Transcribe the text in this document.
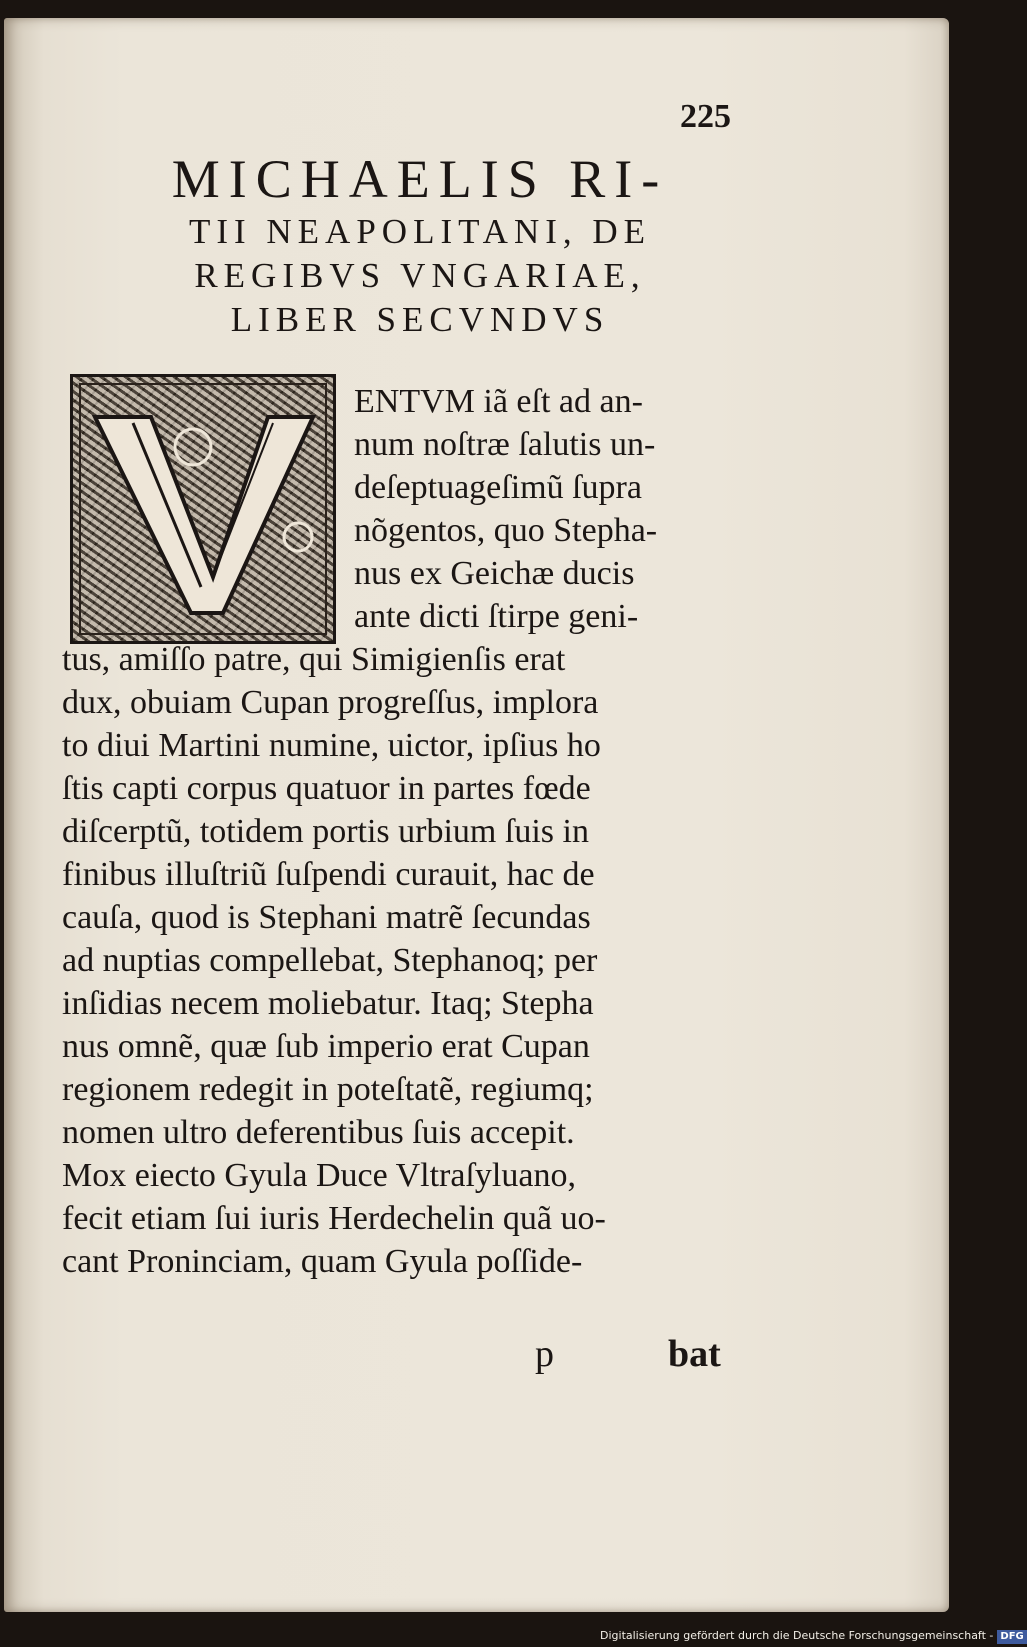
225
MICHAELIS RI-
TII NEAPOLITANI, DE
REGIBVS VNGARIAE,
LIBER SECVNDVS
ENTVM iã eſt ad an-
num noſtræ ſalutis un-
deſeptuageſimũ ſupra
nõgentos, quo Stepha-
nus ex Geichæ ducis
ante dicti ſtirpe geni-
tus, amiſſo patre, qui Simigienſis erat
dux, obuiam Cupan progreſſus, implora
to diui Martini numine, uictor, ipſius ho
ſtis capti corpus quatuor in partes fœde
diſcerptũ, totidem portis urbium ſuis in
finibus illuſtriũ ſuſpendi curauit, hac de
cauſa, quod is Stephani matrẽ ſecundas
ad nuptias compellebat, Stephanoq; per
inſidias necem moliebatur. Itaq; Stepha
nus omnẽ, quæ ſub imperio erat Cupan
regionem redegit in poteſtatẽ, regiumq;
nomen ultro deferentibus ſuis accepit.
Mox eiecto Gyula Duce Vltraſyluano,
fecit etiam ſui iuris Herdechelin quã uo-
cant Proninciam, quam Gyula poſſide-
p	bat
Digitalisierung gefördert durch die Deutsche Forschungsgemeinschaft - DFG
